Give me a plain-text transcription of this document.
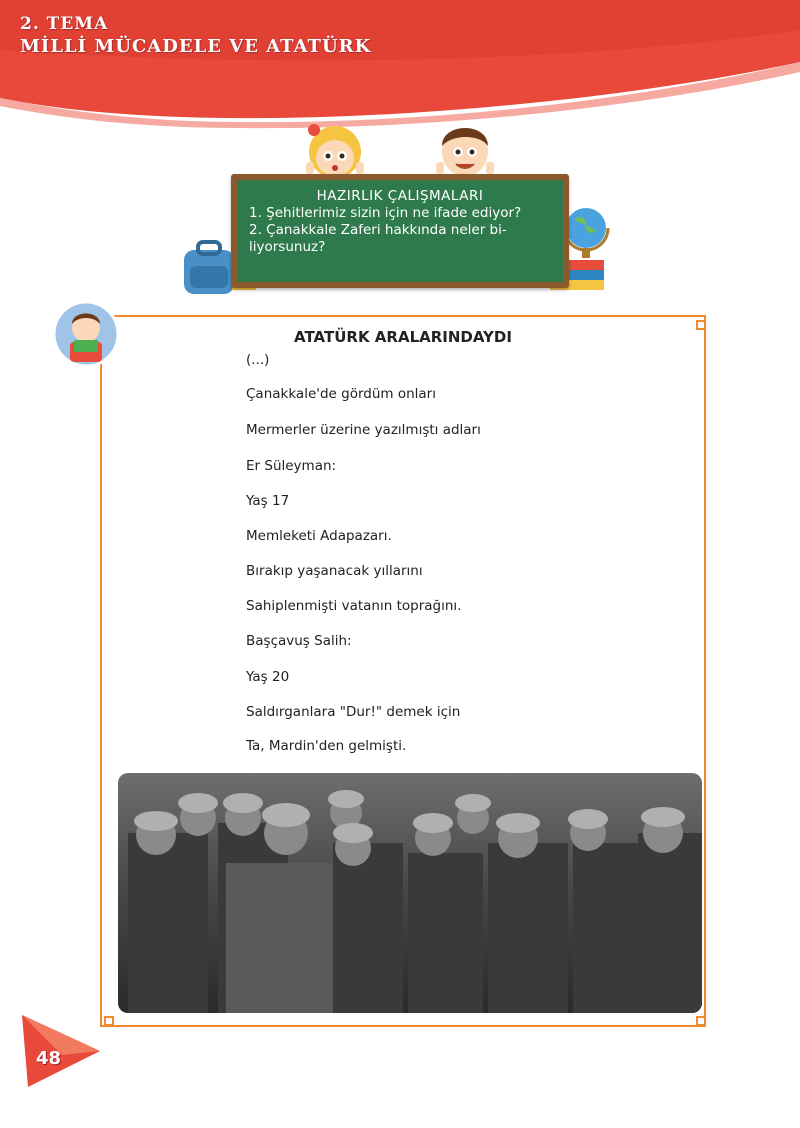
2. TEMA
MİLLİ MÜCADELE VE ATATÜRK
HAZIRLIK ÇALIŞMALARI
1. Şehitlerimiz sizin için ne ifade ediyor?
2. Çanakkale Zaferi hakkında neler bi-
liyorsunuz?
ATATÜRK ARALARINDAYDI
(...)
Çanakkale'de gördüm onları
Mermerler üzerine yazılmıştı adları
Er Süleyman:
Yaş 17
Memleketi Adapazarı.
Bırakıp yaşanacak yıllarını
Sahiplenmişti vatanın toprağını.
Başçavuş Salih:
Yaş 20
Saldırganlara "Dur!" demek için
Ta, Mardin'den gelmişti.
48
